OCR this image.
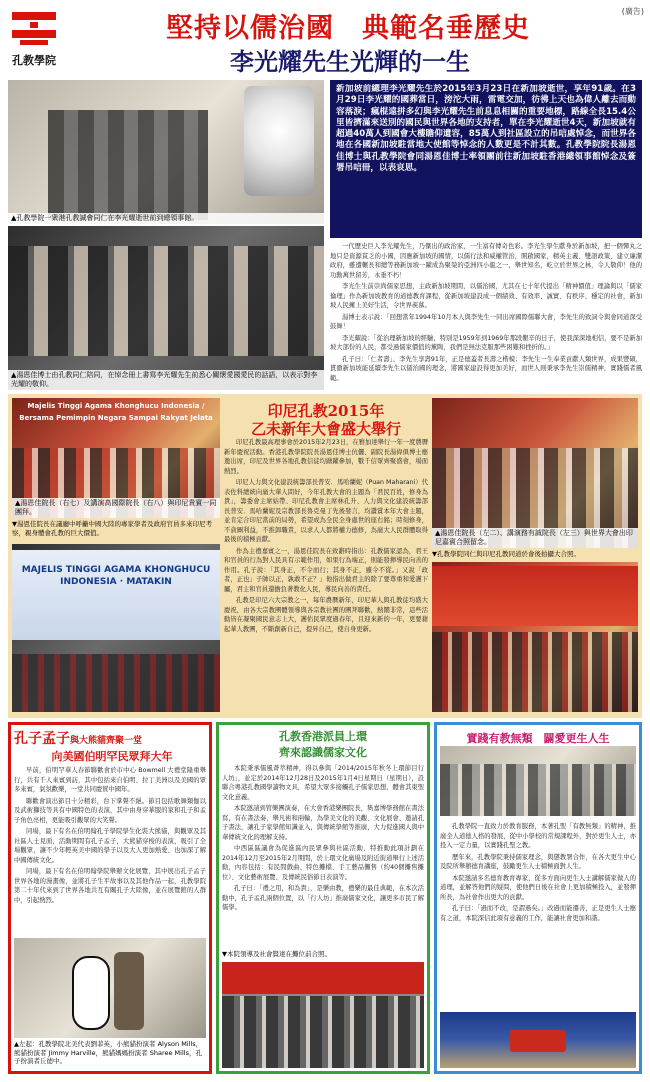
孔教學院
(廣告)
堅持以儒治國　典範名垂歷史
李光耀先生光輝的一生
▲孔教學院一衆港孔教誠會同仁在李光耀逝世前到總領事館。
▲湯恩佳博士由孔教同仁陪同，在悼念冊上書寫李光耀先生前悉心關懷愛國愛民的話語，以表示對李光耀的敬仰。
新加坡前總理李光耀先生於2015年3月23日在新加坡逝世，享年91歲。在3月29日李光耀的國葬當日，滂沱大雨，雷電交加，彷彿上天也為偉人離去而動容落淚；瘋棍遠拼多幻與李光耀先生前息息相關的重要地標，路線全長15.4公里皆擠滿來送別的國民與世界各地的支持者，單在李光耀逝世4天，新加坡就有超過40萬人到國會大樓瞻仰遺容，85萬人到社區設立的吊唁處悼念，而世界各地在各國新加坡駐當地大使館等悼念的人數更是不計其數。孔教學院院長湯恩佳博士與孔教學院會同湯恩佳博士率領團前往新加坡駐香港總領事館悼念及簽署吊唁冊，以表哀思。

一代歷史巨人李光耀先生，乃傑出的政治家，一生富有傳奇色彩。李光生學生獻身於新加坡，把一個彈丸之地只是資源貧乏的小國，因應新加坡的國情，以儒行法和威權管治，開啟國家，精英主義、雙語政策、建立廉潔政府，雖遭輾長和總等務新加坡一躍成為聚榮的亞洲四小龍之一，舉世知名，屹立於世界之林，令人敬仰！他的功勳萬世留芳，永垂不朽！

李光生生前崇尚儒家思想，主政新加坡期間，以儒治國，尤其在七十年代提出「精神價值」理論與以「儒家倫理」作為新加坡教育的道德教育課程，從新加坡建設成一個績效、有效率、誠實、有秩序、穩定的社會，新加坡人民擁上美好生活，令世界羨慕。

湯博士表示說：「回想當年1994年10月本人與李先生一同出席國際儒聯大會，李先生的致詞令與會同道深受鼓舞！

李光耀說：「從治理新加坡的經驗，特別是1959年到1969年那段艱辛的日子，使我深深地相信，要不是新加坡大部份的人民，都受過儒家價值的薰陶，我們是無法克服那些困難和挫折的。」

孔子曰：「仁者壽」，李先生享壽91年，正是德蓋者長壽之楷模；李先生一生奉業貢獻人類世界，成果豐碩，貫徹新加坡能延續李先生以儒治國的理念，將國家建設得更加美好，而世人則秉承李先生崇儒精神，實踐儒者風範。

Majelis Tinggi Agama Khonghucu Indonesia / Bersama Pemimpin Negara Sampai Rakyat Jelata
▲湯恩佳院長（右七）及講演高國際院長（右八）與印尼貴賓一同團拜。
▼湯恩佳院長在議廳中呼籲中國大陸的專家學者及政府官員多來印尼考察，親身體會孔教的巨大價值。
MAJELIS TINGGI AGAMA KHONGHUCU INDONESIA · MATAKIN
印尼孔教2015年
乙未新年大會盛大舉行

印尼孔教最高理事會於2015年2月23日，在雅加達舉行一年一度農曆新年慶祝活動。香港孔教學院院長湯恩佳博士伉儷、副院長湯偉俱博士應邀出席，印尼及世界各地孔教信徒均踴躍參加，數千信眾齊聚盛會，場面熱烈。

印尼人力與文化建設統籌部長普安．馬哈蘭妮（Puan Maharani）代表佐科總統向廣大華人問好，今年孔教大會的主題為「君民百姓，修身為貴」，籌委會主席姑帶、印尼孔教會主席林孔升、人力與文化建設統籌部長普安．馬哈蘭妮及宗教部長魯克曼丁先後發言，均讚賞本年大會主題，並肯定合印尼當前的局勢，希望成為全民全身處世的座右銘；時刻修身，不貪圖利益，不推卸職責，以求人人都將權力德修，為廣大人民群體取得最後的積極貢獻。

作為主禮嘉賓之一，湯恩佳院長在致辭時指出：孔教儒家認為，君王和官員的行為對人民具有示範作用，如果行為端正，則能發揮導民向善的作用。孔子說：「其身正，不令而行；其身不正，雖令不從。」又說「政者，正也」子帥以正，孰敢不正？」他指出做君主的除了要尊重和愛護下屬，君主和官員還擔負著教化人民，導民向善的責任。

孔教是印尼六大宗教之一，每年農曆新年，印尼華人與孔教徒均盛大慶祝，由各大宗教團體領導與各宗教社團的團拜聯歡，熱鬧非常，這些活動皆在凝聚國民意志上大，護佑民眾度過春年，且迎來新的一年，更要藉起華人教團，不斷創新自己，提昇自己，使自身更新。

▲湯恩佳院長（左二）、講演務有誠院長（左三）與世界大會出印尼嘉賓合照留念。
▼孔教學院同仁與印尼孔教同道於會後拍攝大合照。
孔子孟子與大熊貓齊聚一堂
向美國伯明罕民眾拜大年

早前，伯明罕華人春節聯歡會於市中心 Bowmell 大禮堂隆重舉行，共有千人來賓到訪，其中包括來自伯明、拉丁美洲以及美國的眾多來賓，氣氛歡樂，一堂共同慶賀中國年。

聯歡會演出節目十分精彩，台下掌聲不絕。節目包括歌舞類伽以及武術獅技等具有中國特色的表演，其中由身穿華服的家和孔子和孟子角色亮相，更能吸引觀眾的大笑聲。

同場，最下有名在伯明翰孔子學院學生化裝大熊貓，與觀眾及其社區人士見面，活動期間有孔子孟子，大熊貓穿梭的表演，吸引了全場觀眾，讓不少年輕英美中國的學子以及大人更加熱愛、也加深了解中國傳統文化。

同場，最下有名在伯明翰學院舉辦文化展覽，其中展出孔子孟子世界各地的漫畫像，並將孔子生平故事以及其他作品一起，孔教學院第二十年代來到了世界各地共互有關孔子大陸像，並在展覽館的人群中，引起熱烈。

▲左起：孔教學院北美代表劉菲英，小熊貓扮演者 Alyson Mills，熊貓扮演者 Jimmy Harville，熊貓媽媽扮演者 Sharee Mills，孔子扮演者丘德中。
孔教香港派員上環
齊來認識儒家文化

本院秉承儒風薈萃精神，得以參與「2014/2015年秋冬上環節目行人坊」，並定於2014年12月28日及2015年1月4日星期日（星期日），設聯合粵港孔教國學讀物文具，希望大眾多接觸孔子儒家思想，體會其東聖文化意義。

本院邀請到管樂團演奏，在大會香港樂團院長，雋嘉博學務館在書法寫，有在書法奏，舉凡術和兩輪，為學美文化的美觀、文化展會、邀請孔子書法，讓孔子家學館知識並入，與傳統學館等推廣，大力促進國人與中華傳統文化的理解支持。

中西區區議會為促進區內民眾參與社區活動，特推動此項計劃在2014年12月至2015年2月期間，於上環文化廣場及附近街道舉行上述活動，內容包括：有民間戲曲、特色攤檔、手工藝品攤售（約40個攤售攤位）、文化藝術展覽、及傳統民俗節日表演等。

孔子曰：「禮之用，和為貴」，是樂由教，禮樂的最佳典範，在本次活動中，孔子孟孔兩個位置，以「行人坊」推廣儒家文化，讓更多市民了解儒學。

▼本院領導及社會賢達在攤位前合照。
實踐有教無類　闢愛更生人生

孔教學院一直致力於教育服務，本著孔聖「有教無類」的精神，推廣全人道德人格的發展，從中小學校的常規課程外，對於更生人士，亦投入一定力量，以實踐孔聖之教。

歷年來，孔教學院秉持儒家理念，與懲教署合作，在各大更生中心及院所舉辦德育講座，鼓勵更生人士積極面對人生。

本院邀請多名德育教育專家，從多方面向更生人士講解儒家做人的道理，並解答他們的疑問，使他們日後在社會上更加積極投入，並發揮所長，為社會作出更大的貢獻。

孔子曰：「過而不改，是謂過矣。」改過而能遷善，正是更生人士應有之道，本院深信此項有意義的工作，能讓社會更加和諧。
